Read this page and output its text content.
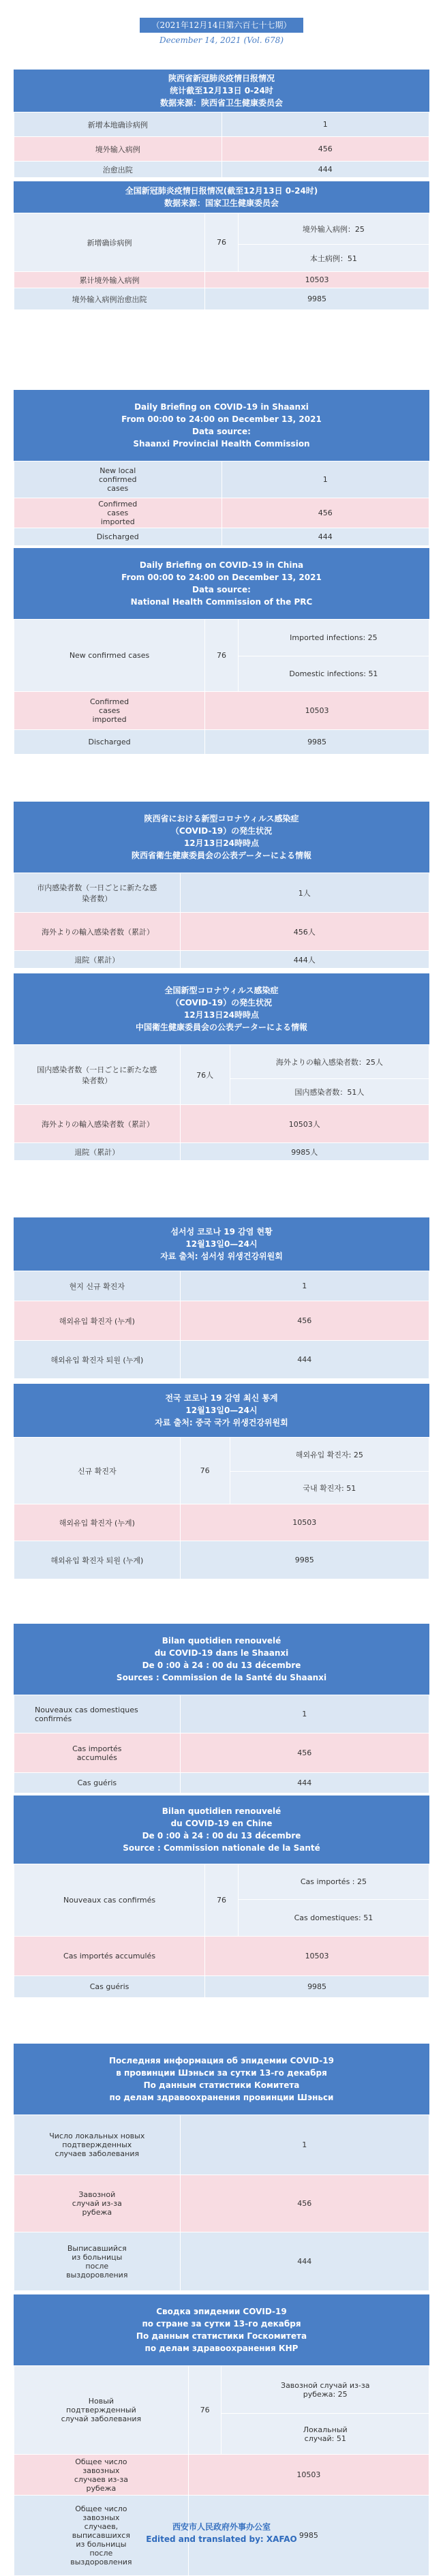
（2021年12月14日第六百七十七期）
December 14, 2021 (Vol. 678)
陕西省新冠肺炎疫情日报情况
统计截至12月13日 0-24时
数据来源：陕西省卫生健康委员会
新增本地确诊病例	1
境外输入病例	456
治愈出院	444
全国新冠肺炎疫情日报情况(截至12月13日 0-24时)
数据来源：国家卫生健康委员会
新增确诊病例	76	境外输入病例：25
		本土病例：51
累计境外输入病例	10503	
境外输入病例治愈出院	9985	
Daily Briefing on COVID-19 in Shaanxi
From 00:00 to 24:00 on December 13, 2021
Data source:
Shaanxi Provincial Health Commission
New local confirmed cases	1
Confirmed cases imported	456
Discharged	444
Daily Briefing on COVID-19 in China
From 00:00 to 24:00 on December 13, 2021
Data source:
National Health Commission of the PRC
New confirmed cases	76	Imported infections: 25
		Domestic infections: 51
Confirmed cases imported	10503	
Discharged	9985	
陝西省における新型コロナウィルス感染症
（COVID-19）の発生状況
12月13日24時時点
陝西省衛生健康委員会の公表データーによる情報
市内感染者数（一日ごとに新たな感染者数）	1人
海外よりの輸入感染者数（累計）	456人
退院（累計）	444人
全国新型コロナウィルス感染症
（COVID-19）の発生状況
12月13日24時時点
中国衛生健康委員会の公表データーによる情報
国内感染者数（一日ごとに新たな感染者数）	76人	海外よりの輸入感染者数：25人
		国内感染者数：51人
海外よりの輸入感染者数（累計）	10503人	
退院（累計）	9985人	
섬서성 코로나 19 감염 현황
12월13일0—24시
자료 출처: 섬서성 위생건강위원회
현지 신규 확진자	1
해외유입 확진자 (누계)	456
해외유입 확진자 퇴원 (누계)	444
전국 코로나 19 감염 최신 통계
12월13일0—24시
자료 출처: 중국 국가 위생건강위원회
신규 확진자	76	해외유입 확진자: 25
		국내 확진자: 51
해외유입 확진자 (누계)	10503	
해외유입 확진자 퇴원 (누계)	9985	
Bilan quotidien renouvelé
du COVID-19 dans le Shaanxi
De 0 :00 à 24 : 00 du 13 décembre
Sources : Commission de la Santé du Shaanxi
Nouveaux cas domestiques confirmés	1
Cas importés accumulés	456
Cas guéris	444
Bilan quotidien renouvelé
du COVID-19 en Chine
De 0 :00 à 24 : 00 du 13 décembre
Source : Commission nationale de la Santé
Nouveaux cas confirmés	76	Cas importés : 25
		Cas domestiques: 51
Cas importés accumulés	10503	
Cas guéris	9985	
Последняя информация об эпидемии COVID-19
в провинции Шэньси за сутки 13-го декабря
По данным статистики Комитета
по делам здравоохранения провинции Шэньси
Число локальных новых подтвержденных случаев заболевания	1
Завозной случай из-за рубежа	456
Выписавшийся из больницы после выздоровления	444
Сводка эпидемии COVID-19
по стране за сутки 13-го декабря
По данным статистики Госкомитета
по делам здравоохранения КНР
Новый подтвержденный случай заболевания	76	Завозной случай из-за рубежа: 25
		Локальный случай: 51
Общее число завозных случаев из-за рубежа	10503	
Общее число завозных случаев, выписавшихся из больницы после выздоровления	9985	
西安市人民政府外事办公室
Edited and translated by: XAFAO
